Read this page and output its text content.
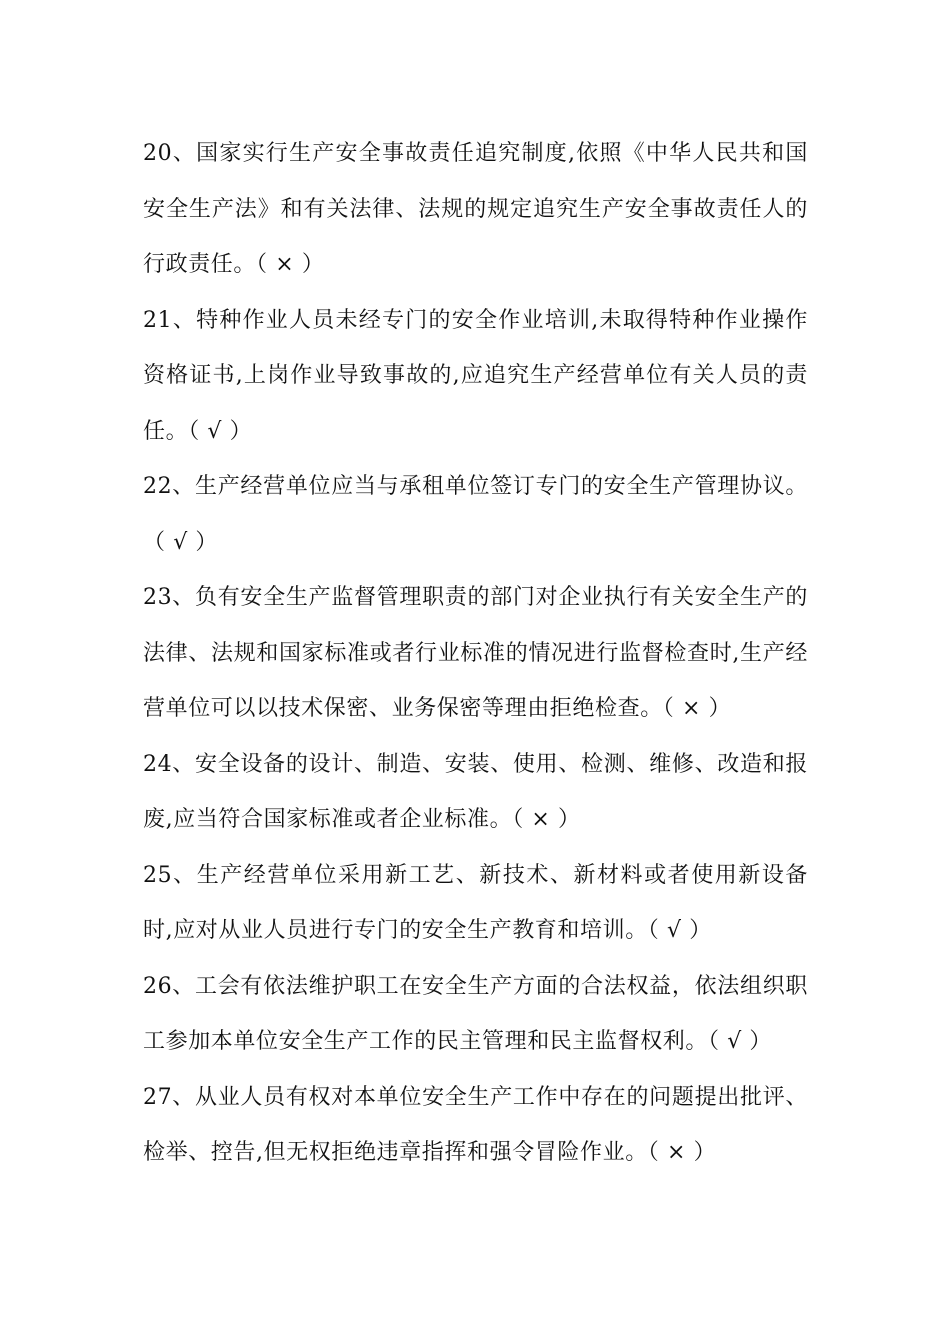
20、国家实行生产安全事故责任追究制度,依照《中华人民共和国安全生产法》和有关法律、法规的规定追究生产安全事故责任人的行政责任。（ × ）

21、特种作业人员未经专门的安全作业培训,未取得特种作业操作资格证书,上岗作业导致事故的,应追究生产经营单位有关人员的责任。（ √ ）

22、生产经营单位应当与承租单位签订专门的安全生产管理协议。（ √ ）

23、负有安全生产监督管理职责的部门对企业执行有关安全生产的法律、法规和国家标准或者行业标准的情况进行监督检查时,生产经营单位可以以技术保密、业务保密等理由拒绝检查。（ × ）

24、安全设备的设计、制造、安装、使用、检测、维修、改造和报废,应当符合国家标准或者企业标准。（ × ）

25、生产经营单位采用新工艺、新技术、新材料或者使用新设备时,应对从业人员进行专门的安全生产教育和培训。（ √ ）

26、工会有依法维护职工在安全生产方面的合法权益，依法组织职工参加本单位安全生产工作的民主管理和民主监督权利。（ √ ）

27、从业人员有权对本单位安全生产工作中存在的问题提出批评、检举、控告,但无权拒绝违章指挥和强令冒险作业。（ × ）
